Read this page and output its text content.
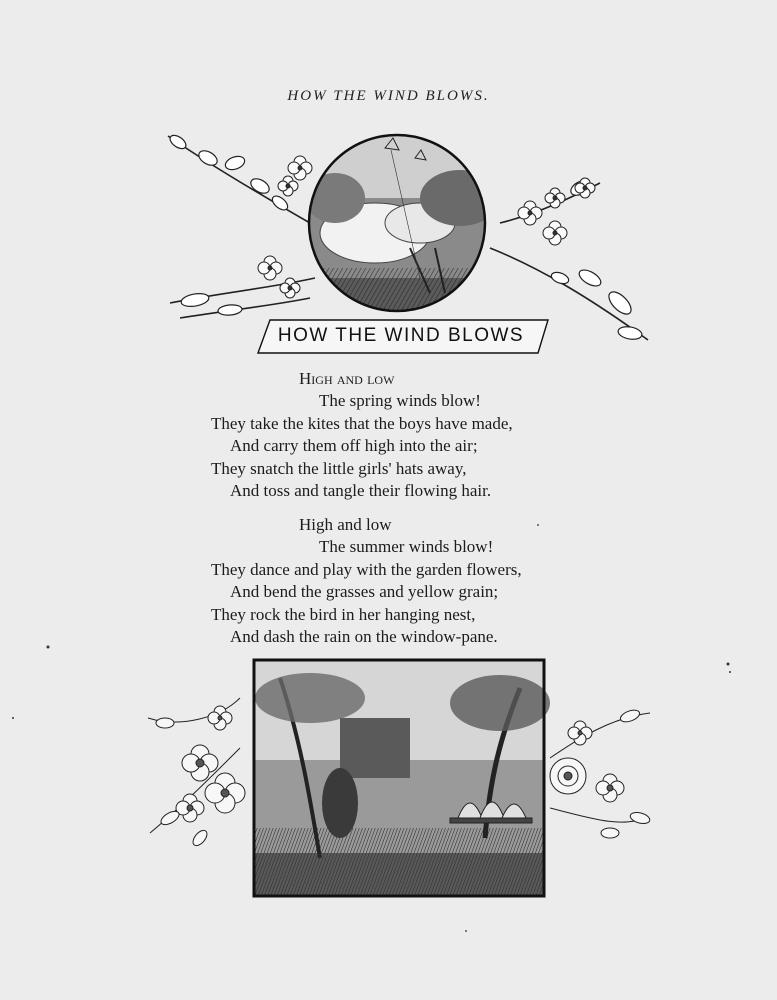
HOW THE WIND BLOWS.
HOW THE WIND BLOWS
High and low
The spring winds blow!
They take the kites that the boys have made,
And carry them off high into the air;
They snatch the little girls' hats away,
And toss and tangle their flowing hair.
High and low
The summer winds blow!
They dance and play with the garden flowers,
And bend the grasses and yellow grain;
They rock the bird in her hanging nest,
And dash the rain on the window-pane.
